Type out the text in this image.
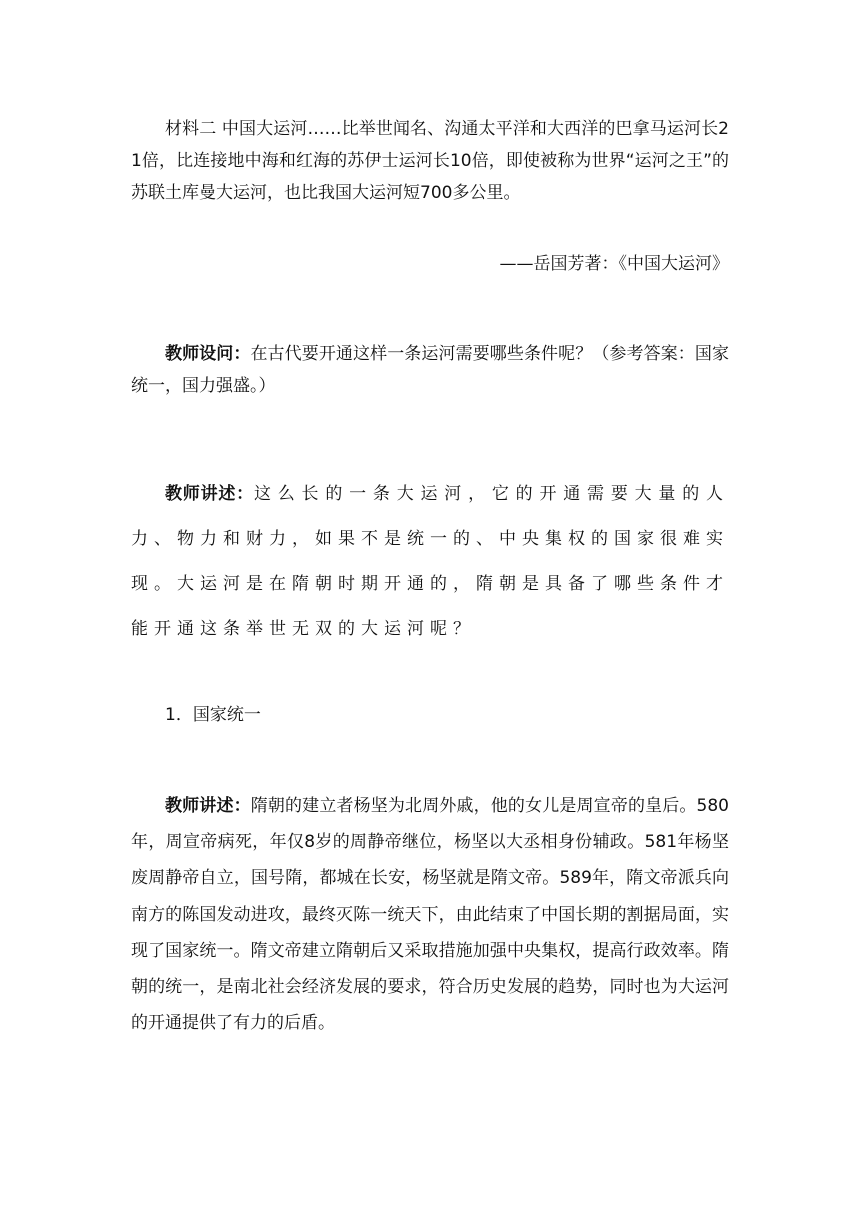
材料二 中国大运河……比举世闻名、沟通太平洋和大西洋的巴拿马运河长21倍，比连接地中海和红海的苏伊士运河长10倍，即使被称为世界“运河之王”的苏联土库曼大运河，也比我国大运河短700多公里。

——岳国芳著：《中国大运河》

教师设问：在古代要开通这样一条运河需要哪些条件呢？（参考答案：国家统一，国力强盛。）

教师讲述：这么长的一条大运河，它的开通需要大量的人力、物力和财力，如果不是统一的、中央集权的国家很难实现。大运河是在隋朝时期开通的，隋朝是具备了哪些条件才能开通这条举世无双的大运河呢？

1．国家统一

教师讲述：隋朝的建立者杨坚为北周外戚，他的女儿是周宣帝的皇后。580年，周宣帝病死，年仅8岁的周静帝继位，杨坚以大丞相身份辅政。581年杨坚废周静帝自立，国号隋，都城在长安，杨坚就是隋文帝。589年，隋文帝派兵向南方的陈国发动进攻，最终灭陈一统天下，由此结束了中国长期的割据局面，实现了国家统一。隋文帝建立隋朝后又采取措施加强中央集权，提高行政效率。隋朝的统一，是南北社会经济发展的要求，符合历史发展的趋势，同时也为大运河的开通提供了有力的后盾。
